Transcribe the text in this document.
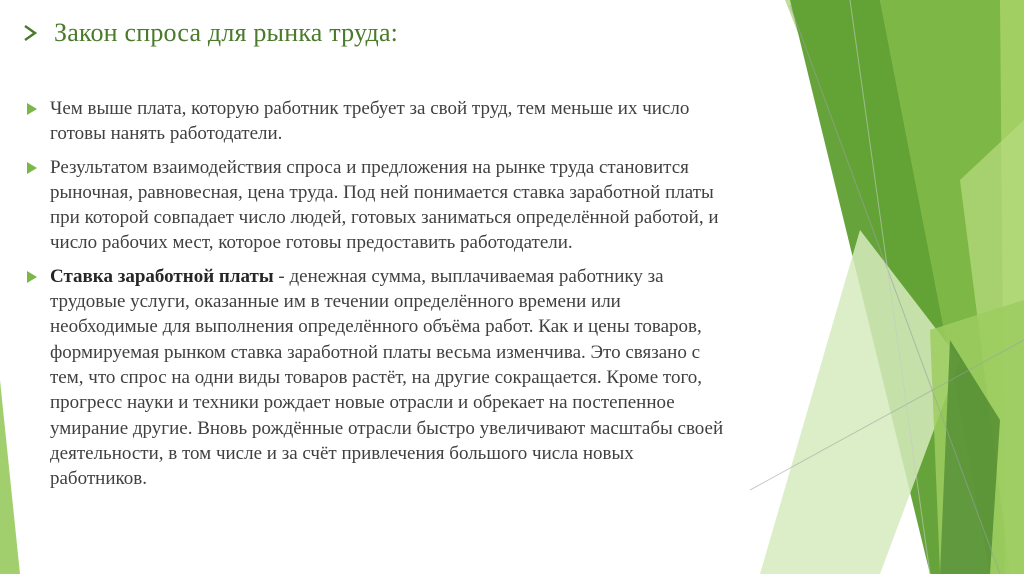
Закон спроса для рынка труда:

Чем выше плата, которую работник требует за свой труд, тем меньше их число готовы нанять работодатели.

Результатом взаимодействия спроса и предложения на рынке труда становится рыночная, равновесная, цена труда. Под ней понимается ставка заработной платы при которой совпадает число людей, готовых заниматься определённой работой, и число рабочих мест, которое готовы предоставить работодатели.

Ставка заработной платы - денежная сумма, выплачиваемая работнику за трудовые услуги, оказанные им в течении определённого времени или необходимые для выполнения определённого объёма работ. Как и цены товаров, формируемая рынком ставка заработной платы весьма изменчива. Это связано с тем, что спрос на одни виды товаров растёт, на другие сокращается. Кроме того, прогресс науки и техники рождает новые отрасли и обрекает на постепенное умирание другие. Вновь рождённые отрасли быстро увеличивают масштабы своей деятельности, в том числе и за счёт привлечения большого числа новых работников.
